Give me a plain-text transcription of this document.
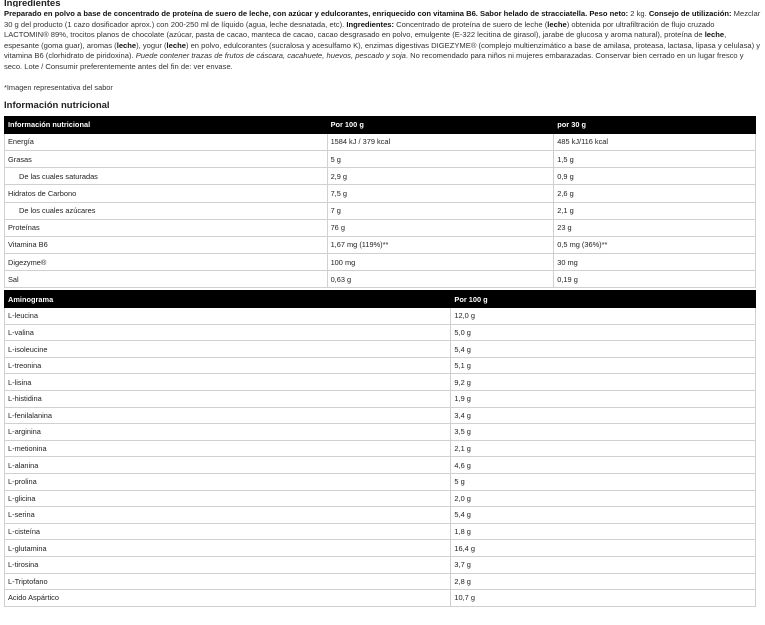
Ingredientes

Preparado en polvo a base de concentrado de proteína de suero de leche, con azúcar y edulcorantes, enriquecido con vitamina B6. Sabor helado de stracciatella. Peso neto: 2 kg. Consejo de utilización: Mezclar 30 g del producto (1 cazo dosificador aprox.) con 200-250 ml de líquido (agua, leche desnatada, etc). Ingredientes: Concentrado de proteína de suero de leche (leche) obtenida por ultrafiltración de flujo cruzado LACTOMIN® 89%, trocitos planos de chocolate (azúcar, pasta de cacao, manteca de cacao, cacao desgrasado en polvo, emulgente (E-322 lecitina de girasol), jarabe de glucosa y aroma natural), proteína de leche, espesante (goma guar), aromas (leche), yogur (leche) en polvo, edulcorantes (sucralosa y acesulfamo K), enzimas digestivas DIGEZYME® (complejo multienzimático a base de amilasa, proteasa, lactasa, lipasa y celulasa) y vitamina B6 (clorhidrato de piridoxina). Puede contener trazas de frutos de cáscara, cacahuete, huevos, pescado y soja. No recomendado para niños ni mujeres embarazadas. Conservar bien cerrado en un lugar fresco y seco. Lote / Consumir preferentemente antes del fin de: ver envase.

*Imagen representativa del sabor

Información nutricional
Información nutricional	Por 100 g	por 30 g
Energía	1584 kJ / 379 kcal	485 kJ/116 kcal
Grasas	5 g	1,5 g
De las cuales saturadas	2,9 g	0,9 g
Hidratos de Carbono	7,5 g	2,6 g
De los cuales azúcares	7 g	2,1 g
Proteínas	76 g	23 g
Vitamina B6	1,67 mg (119%)**	0,5 mg (36%)**
Digezyme®	100 mg	30 mg
Sal	0,63 g	0,19 g
Aminograma	Por 100 g
L-leucina	12,0 g
L-valina	5,0 g
L-isoleucine	5,4 g
L-treonina	5,1 g
L-lisina	9,2 g
L-histidina	1,9 g
L-fenilalanina	3,4 g
L-arginina	3,5 g
L-metionina	2,1 g
L-alanina	4,6 g
L-prolina	5 g
L-glicina	2,0 g
L-serina	5,4 g
L-cisteína	1,8 g
L-glutamina	16,4 g
L-tirosina	3,7 g
L-Triptofano	2,8 g
Acido Aspártico	10,7 g
